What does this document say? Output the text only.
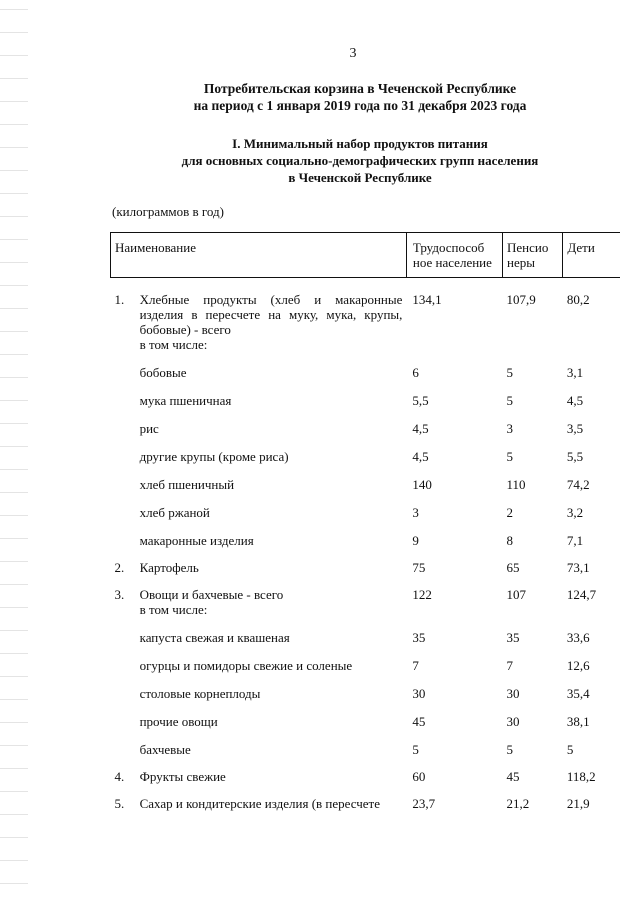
3
Потребительская корзина в Чеченской Республике
на период с 1 января 2019 года по 31 декабря 2023 года
I. Минимальный набор продуктов питания
для основных социально-демографических групп населения
в Чеченской Республике
(килограммов в год)
Наименование		Трудоспособ ное население	Пенсио неры	Дети
1.	Хлебные продукты (хлеб и макаронные изделия в пересчете на муку, мука, крупы, бобовые) - всего
в том числе:	134,1	107,9	80,2

	бобовые	6	5	3,1

	мука пшеничная	5,5	5	4,5

	рис	4,5	3	3,5

	другие крупы (кроме риса)	4,5	5	5,5

	хлеб пшеничный	140	110	74,2

	хлеб ржаной	3	2	3,2

	макаронные изделия	9	8	7,1
2.	Картофель	75	65	73,1
3.	Овощи и бахчевые - всего
в том числе:	122	107	124,7

	капуста свежая и квашеная	35	35	33,6

	огурцы и помидоры свежие и соленые	7	7	12,6

	столовые корнеплоды	30	30	35,4

	прочие овощи	45	30	38,1

	бахчевые	5	5	5
4.	Фрукты свежие	60	45	118,2
5.	Сахар и кондитерские изделия (в пересчете	23,7	21,2	21,9
